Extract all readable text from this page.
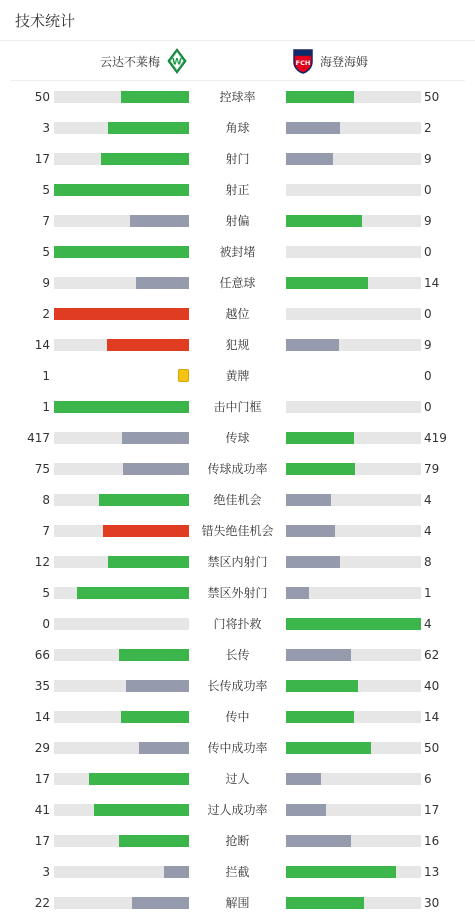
技术统计
云达不莱梅 W	FCH 海登海姆
50	控球率	50
3	角球	2
17	射门	9
5	射正	0
7	射偏	9
5	被封堵	0
9	任意球	14
2	越位	0
14	犯规	9
1	黄牌	0
1	击中门框	0
417	传球	419
75	传球成功率	79
8	绝佳机会	4
7	错失绝佳机会	4
12	禁区内射门	8
5	禁区外射门	1
0	门将扑救	4
66	长传	62
35	长传成功率	40
14	传中	14
29	传中成功率	50
17	过人	6
41	过人成功率	17
17	抢断	16
3	拦截	13
22	解围	30
